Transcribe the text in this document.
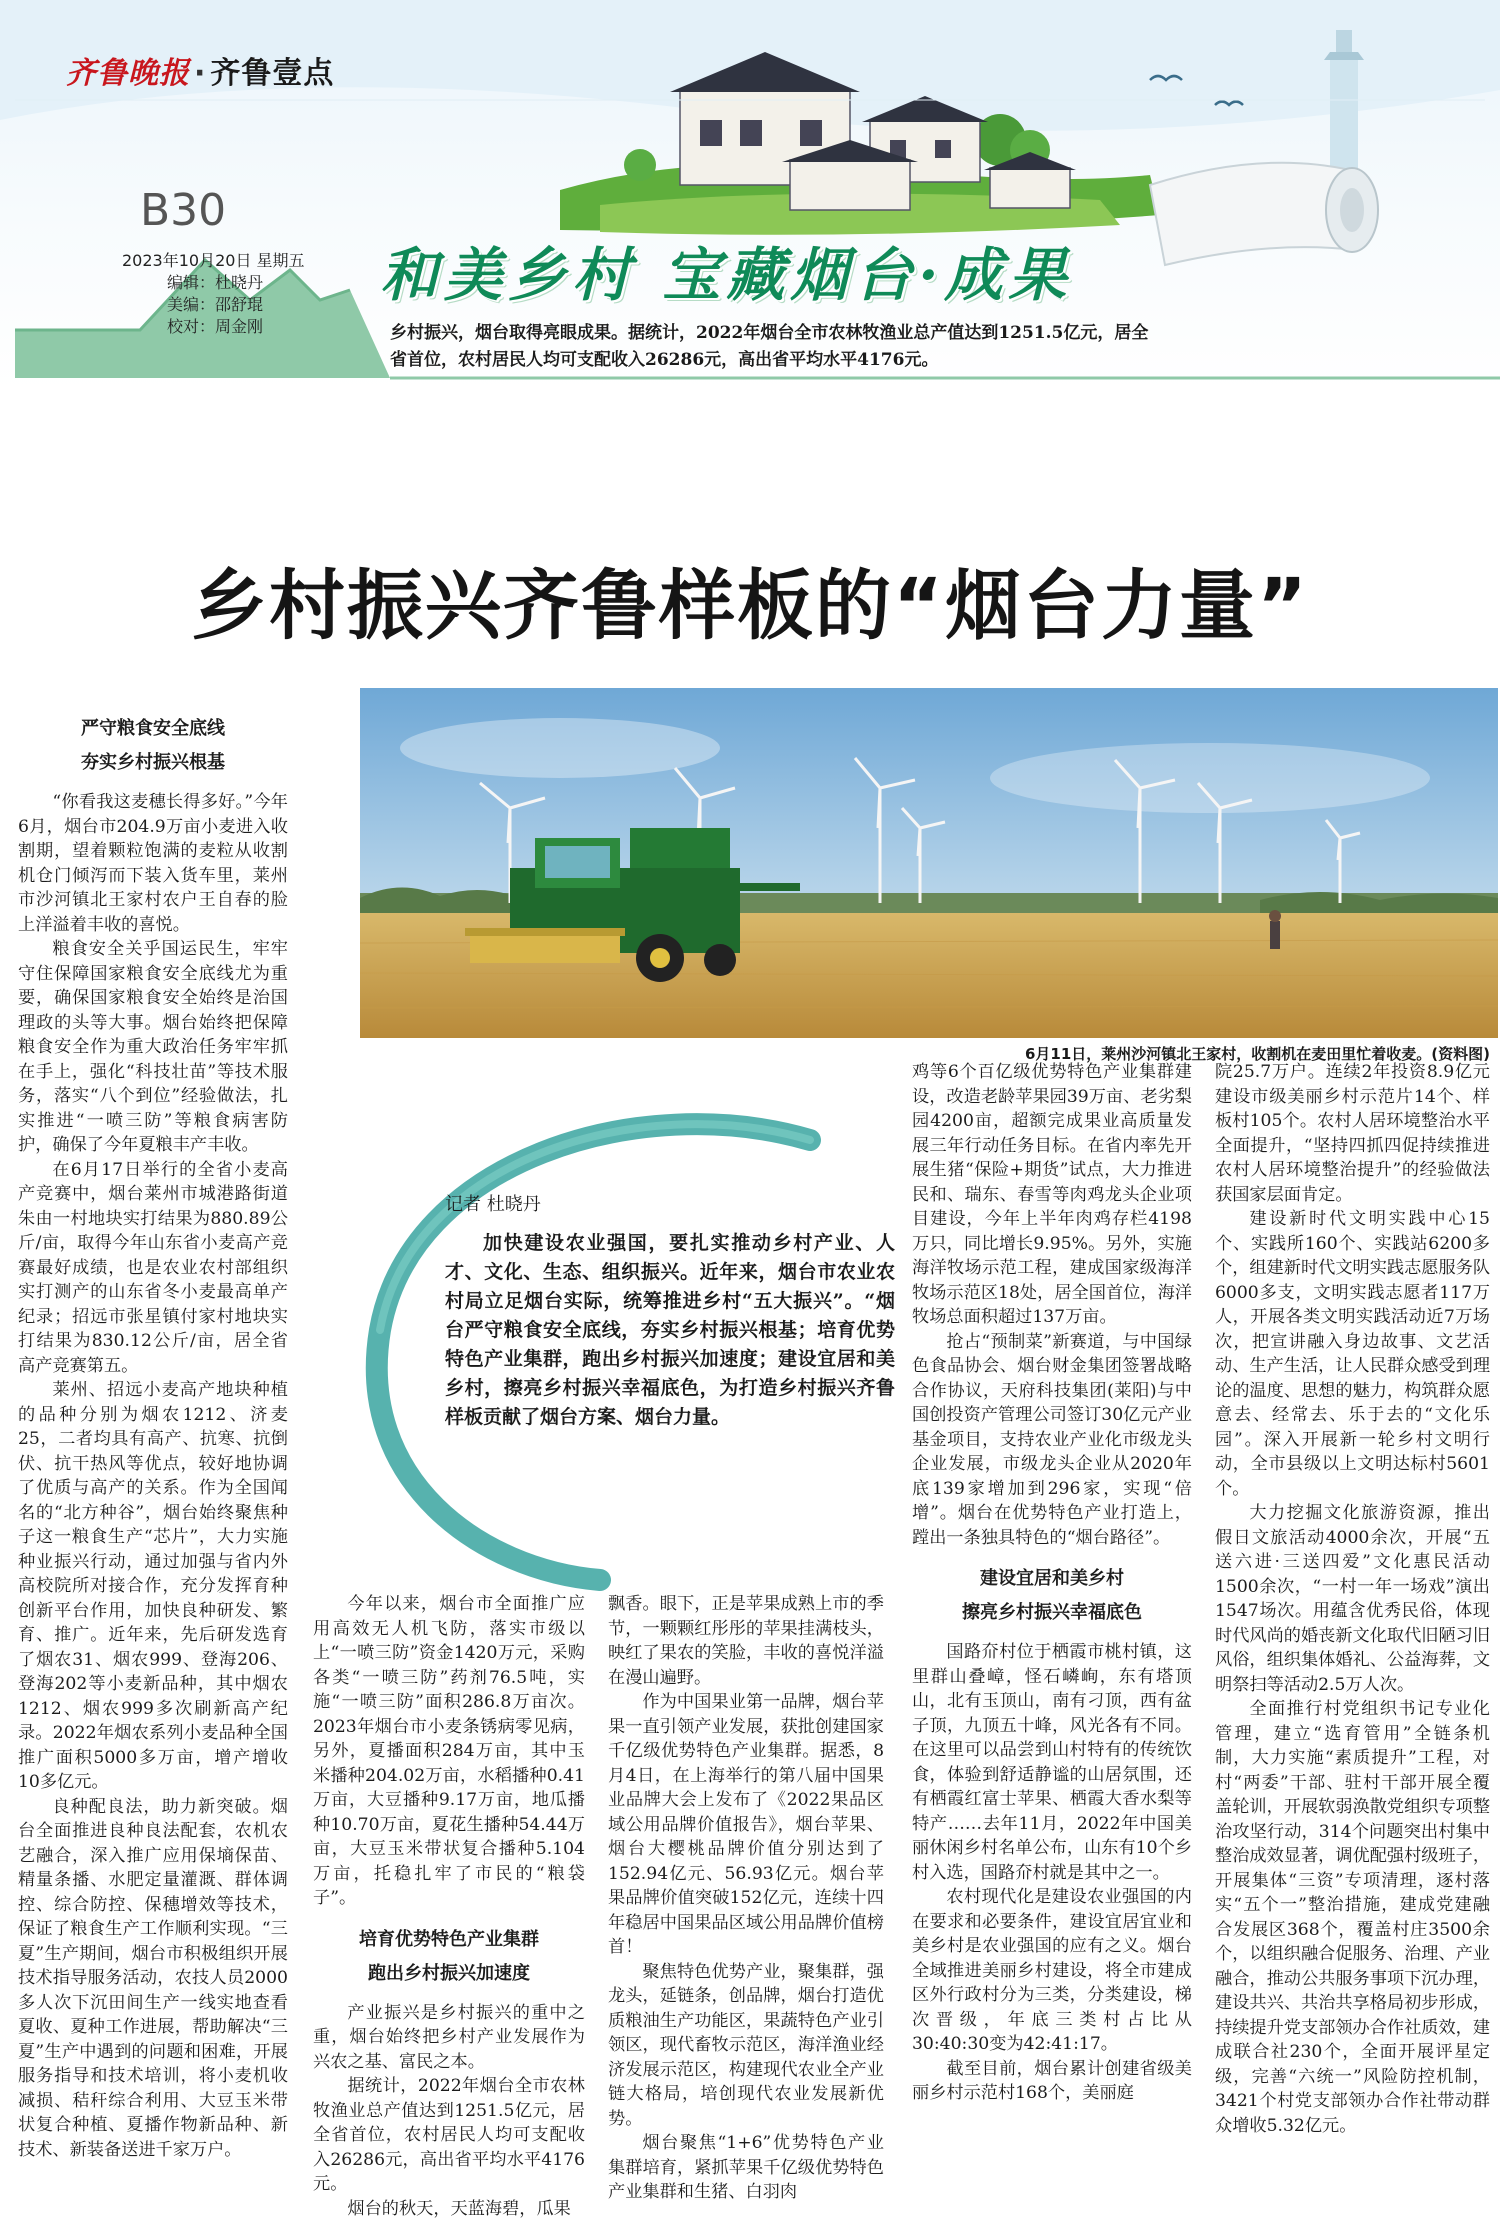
齐鲁晚报 · 齐鲁壹点
B30
2023年10月20日 星期五
编辑：杜晓丹
美编：邵舒琨
校对：周金刚
和美乡村 宝藏烟台·成果
乡村振兴，烟台取得亮眼成果。据统计，2022年烟台全市农林牧渔业总产值达到1251.5亿元，居全省首位，农村居民人均可支配收入26286元，高出省平均水平4176元。
乡村振兴齐鲁样板的“烟台力量”
6月11日，莱州沙河镇北王家村，收割机在麦田里忙着收麦。(资料图)
严守粮食安全底线
夯实乡村振兴根基

“你看我这麦穗长得多好。”今年6月，烟台市204.9万亩小麦进入收割期，望着颗粒饱满的麦粒从收割机仓门倾泻而下装入货车里，莱州市沙河镇北王家村农户王自春的脸上洋溢着丰收的喜悦。

粮食安全关乎国运民生，牢牢守住保障国家粮食安全底线尤为重要，确保国家粮食安全始终是治国理政的头等大事。烟台始终把保障粮食安全作为重大政治任务牢牢抓在手上，强化“科技壮苗”等技术服务，落实“八个到位”经验做法，扎实推进“一喷三防”等粮食病害防护，确保了今年夏粮丰产丰收。

在6月17日举行的全省小麦高产竞赛中，烟台莱州市城港路街道朱由一村地块实打结果为880.89公斤/亩，取得今年山东省小麦高产竞赛最好成绩，也是农业农村部组织实打测产的山东省冬小麦最高单产纪录；招远市张星镇付家村地块实打结果为830.12公斤/亩，居全省高产竞赛第五。

莱州、招远小麦高产地块种植的品种分别为烟农1212、济麦25，二者均具有高产、抗寒、抗倒伏、抗干热风等优点，较好地协调了优质与高产的关系。作为全国闻名的“北方种谷”，烟台始终聚焦种子这一粮食生产“芯片”，大力实施种业振兴行动，通过加强与省内外高校院所对接合作，充分发挥育种创新平台作用，加快良种研发、繁育、推广。近年来，先后研发选育了烟农31、烟农999、登海206、登海202等小麦新品种，其中烟农1212、烟农999多次刷新高产纪录。2022年烟农系列小麦品种全国推广面积5000多万亩，增产增收10多亿元。

良种配良法，助力新突破。烟台全面推进良种良法配套，农机农艺融合，深入推广应用保墒保苗、精量条播、水肥定量灌溉、群体调控、综合防控、保穗增效等技术，保证了粮食生产工作顺利实现。“三夏”生产期间，烟台市积极组织开展技术指导服务活动，农技人员2000多人次下沉田间生产一线实地查看夏收、夏种工作进展，帮助解决“三夏”生产中遇到的问题和困难，开展服务指导和技术培训，将小麦机收减损、秸秆综合利用、大豆玉米带状复合种植、夏播作物新品种、新技术、新装备送进千家万户。

记者 杜晓丹

加快建设农业强国，要扎实推动乡村产业、人才、文化、生态、组织振兴。近年来，烟台市农业农村局立足烟台实际，统筹推进乡村“五大振兴”。“烟台严守粮食安全底线，夯实乡村振兴根基；培育优势特色产业集群，跑出乡村振兴加速度；建设宜居和美乡村，擦亮乡村振兴幸福底色，为打造乡村振兴齐鲁样板贡献了烟台方案、烟台力量。

今年以来，烟台市全面推广应用高效无人机飞防，落实市级以上“一喷三防”资金1420万元，采购各类“一喷三防”药剂76.5吨，实施“一喷三防”面积286.8万亩次。2023年烟台市小麦条锈病零见病，另外，夏播面积284万亩，其中玉米播种204.02万亩，水稻播种0.41万亩，大豆播种9.17万亩，地瓜播种10.70万亩，夏花生播种54.44万亩，大豆玉米带状复合播种5.104万亩，托稳扎牢了市民的“粮袋子”。

培育优势特色产业集群
跑出乡村振兴加速度

产业振兴是乡村振兴的重中之重，烟台始终把乡村产业发展作为兴农之基、富民之本。

据统计，2022年烟台全市农林牧渔业总产值达到1251.5亿元，居全省首位，农村居民人均可支配收入26286元，高出省平均水平4176元。

烟台的秋天，天蓝海碧，瓜果

飘香。眼下，正是苹果成熟上市的季节，一颗颗红彤彤的苹果挂满枝头，映红了果农的笑脸，丰收的喜悦洋溢在漫山遍野。

作为中国果业第一品牌，烟台苹果一直引领产业发展，获批创建国家千亿级优势特色产业集群。据悉，8月4日，在上海举行的第八届中国果业品牌大会上发布了《2022果品区域公用品牌价值报告》，烟台苹果、烟台大樱桃品牌价值分别达到了152.94亿元、56.93亿元。烟台苹果品牌价值突破152亿元，连续十四年稳居中国果品区域公用品牌价值榜首！

聚焦特色优势产业，聚集群，强龙头，延链条，创品牌，烟台打造优质粮油生产功能区，果蔬特色产业引领区，现代畜牧示范区，海洋渔业经济发展示范区，构建现代农业全产业链大格局，培创现代农业发展新优势。

烟台聚焦“1+6”优势特色产业集群培育，紧抓苹果千亿级优势特色产业集群和生猪、白羽肉

鸡等6个百亿级优势特色产业集群建设，改造老龄苹果园39万亩、老劣梨园4200亩，超额完成果业高质量发展三年行动任务目标。在省内率先开展生猪“保险+期货”试点，大力推进民和、瑞东、春雪等肉鸡龙头企业项目建设，今年上半年肉鸡存栏4198万只，同比增长9.95%。另外，实施海洋牧场示范工程，建成国家级海洋牧场示范区18处，居全国首位，海洋牧场总面积超过137万亩。

抢占“预制菜”新赛道，与中国绿色食品协会、烟台财金集团签署战略合作协议，天府科技集团(莱阳)与中国创投资产管理公司签订30亿元产业基金项目，支持农业产业化市级龙头企业发展，市级龙头企业从2020年底139家增加到296家，实现“倍增”。烟台在优势特色产业打造上，蹚出一条独具特色的“烟台路径”。

建设宜居和美乡村
擦亮乡村振兴幸福底色

国路夼村位于栖霞市桃村镇，这里群山叠嶂，怪石嶙峋，东有塔顶山，北有玉顶山，南有刁顶，西有盆子顶，九顶五十峰，风光各有不同。在这里可以品尝到山村特有的传统饮食，体验到舒适静谧的山居氛围，还有栖霞红富士苹果、栖霞大香水梨等特产……去年11月，2022年中国美丽休闲乡村名单公布，山东有10个乡村入选，国路夼村就是其中之一。

农村现代化是建设农业强国的内在要求和必要条件，建设宜居宜业和美乡村是农业强国的应有之义。烟台全域推进美丽乡村建设，将全市建成区外行政村分为三类，分类建设，梯次晋级，年底三类村占比从30:40:30变为42:41:17。

截至目前，烟台累计创建省级美丽乡村示范村168个，美丽庭

院25.7万户。连续2年投资8.9亿元建设市级美丽乡村示范片14个、样板村105个。农村人居环境整治水平全面提升，“坚持四抓四促持续推进农村人居环境整治提升”的经验做法获国家层面肯定。

建设新时代文明实践中心15个、实践所160个、实践站6200多个，组建新时代文明实践志愿服务队6000多支，文明实践志愿者117万人，开展各类文明实践活动近7万场次，把宣讲融入身边故事、文艺活动、生产生活，让人民群众感受到理论的温度、思想的魅力，构筑群众愿意去、经常去、乐于去的“文化乐园”。深入开展新一轮乡村文明行动，全市县级以上文明达标村5601个。

大力挖掘文化旅游资源，推出假日文旅活动4000余次，开展“五送六进·三送四爱”文化惠民活动1500余次，“一村一年一场戏”演出1547场次。用蕴含优秀民俗，体现时代风尚的婚丧新文化取代旧陋习旧风俗，组织集体婚礼、公益海葬，文明祭扫等活动2.5万人次。

全面推行村党组织书记专业化管理，建立“选育管用”全链条机制，大力实施“素质提升”工程，对村“两委”干部、驻村干部开展全覆盖轮训，开展软弱涣散党组织专项整治攻坚行动，314个问题突出村集中整治成效显著，调优配强村级班子，开展集体“三资”专项清理，逐村落实“五个一”整治措施，建成党建融合发展区368个，覆盖村庄3500余个，以组织融合促服务、治理、产业融合，推动公共服务事项下沉办理，建设共兴、共治共享格局初步形成，持续提升党支部领办合作社质效，建成联合社230个，全面开展评星定级，完善“六统一”风险防控机制，3421个村党支部领办合作社带动群众增收5.32亿元。
